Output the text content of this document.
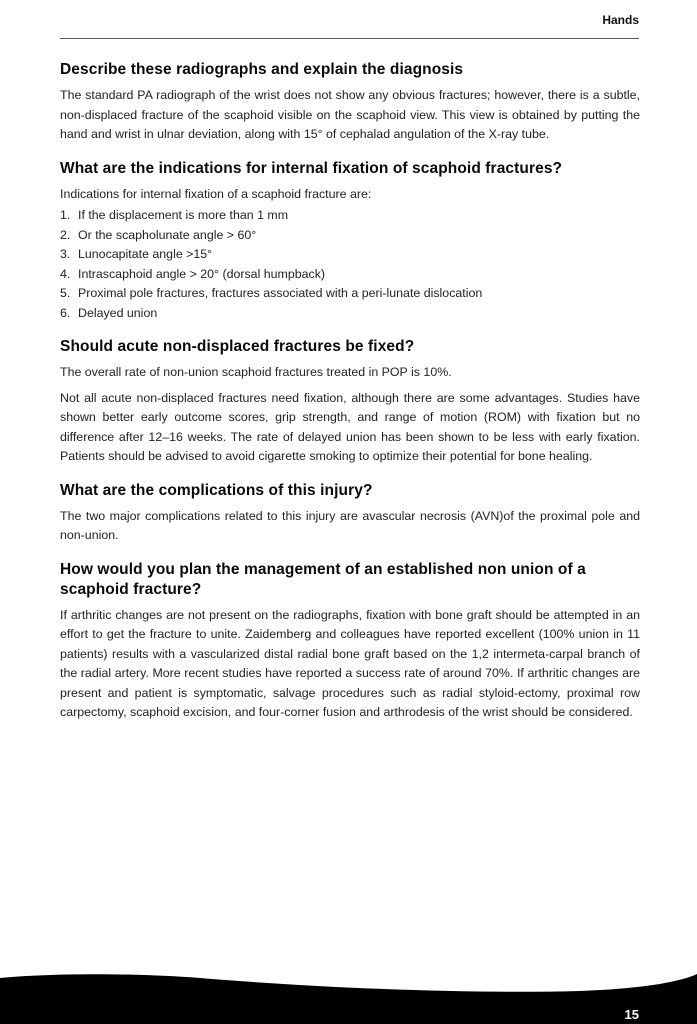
Hands
Describe these radiographs and explain the diagnosis

The standard PA radiograph of the wrist does not show any obvious fractures; however, there is a subtle, non-displaced fracture of the scaphoid visible on the scaphoid view. This view is obtained by putting the hand and wrist in ulnar deviation, along with 15° of cephalad angulation of the X-ray tube.

What are the indications for internal fixation of scaphoid fractures?

Indications for internal fixation of a scaphoid fracture are:

1. If the displacement is more than 1 mm
2. Or the scapholunate angle > 60°
3. Lunocapitate angle >15°
4. Intrascaphoid angle > 20° (dorsal humpback)
5. Proximal pole fractures, fractures associated with a peri-lunate dislocation
6. Delayed union
Should acute non-displaced fractures be fixed?

The overall rate of non-union scaphoid fractures treated in POP is 10%.

Not all acute non-displaced fractures need fixation, although there are some advantages. Studies have shown better early outcome scores, grip strength, and range of motion (ROM) with fixation but no difference after 12–16 weeks. The rate of delayed union has been shown to be less with early fixation. Patients should be advised to avoid cigarette smoking to optimize their potential for bone healing.

What are the complications of this injury?

The two major complications related to this injury are avascular necrosis (AVN)of the proximal pole and non-union.

How would you plan the management of an established non union of a scaphoid fracture?

If arthritic changes are not present on the radiographs, fixation with bone graft should be attempted in an effort to get the fracture to unite. Zaidemberg and colleagues have reported excellent (100% union in 11 patients) results with a vascularized distal radial bone graft based on the 1,2 intermeta-carpal branch of the radial artery. More recent studies have reported a success rate of around 70%. If arthritic changes are present and patient is symptomatic, salvage procedures such as radial styloid-ectomy, proximal row carpectomy, scaphoid excision, and four-corner fusion and arthrodesis of the wrist should be considered.

15
